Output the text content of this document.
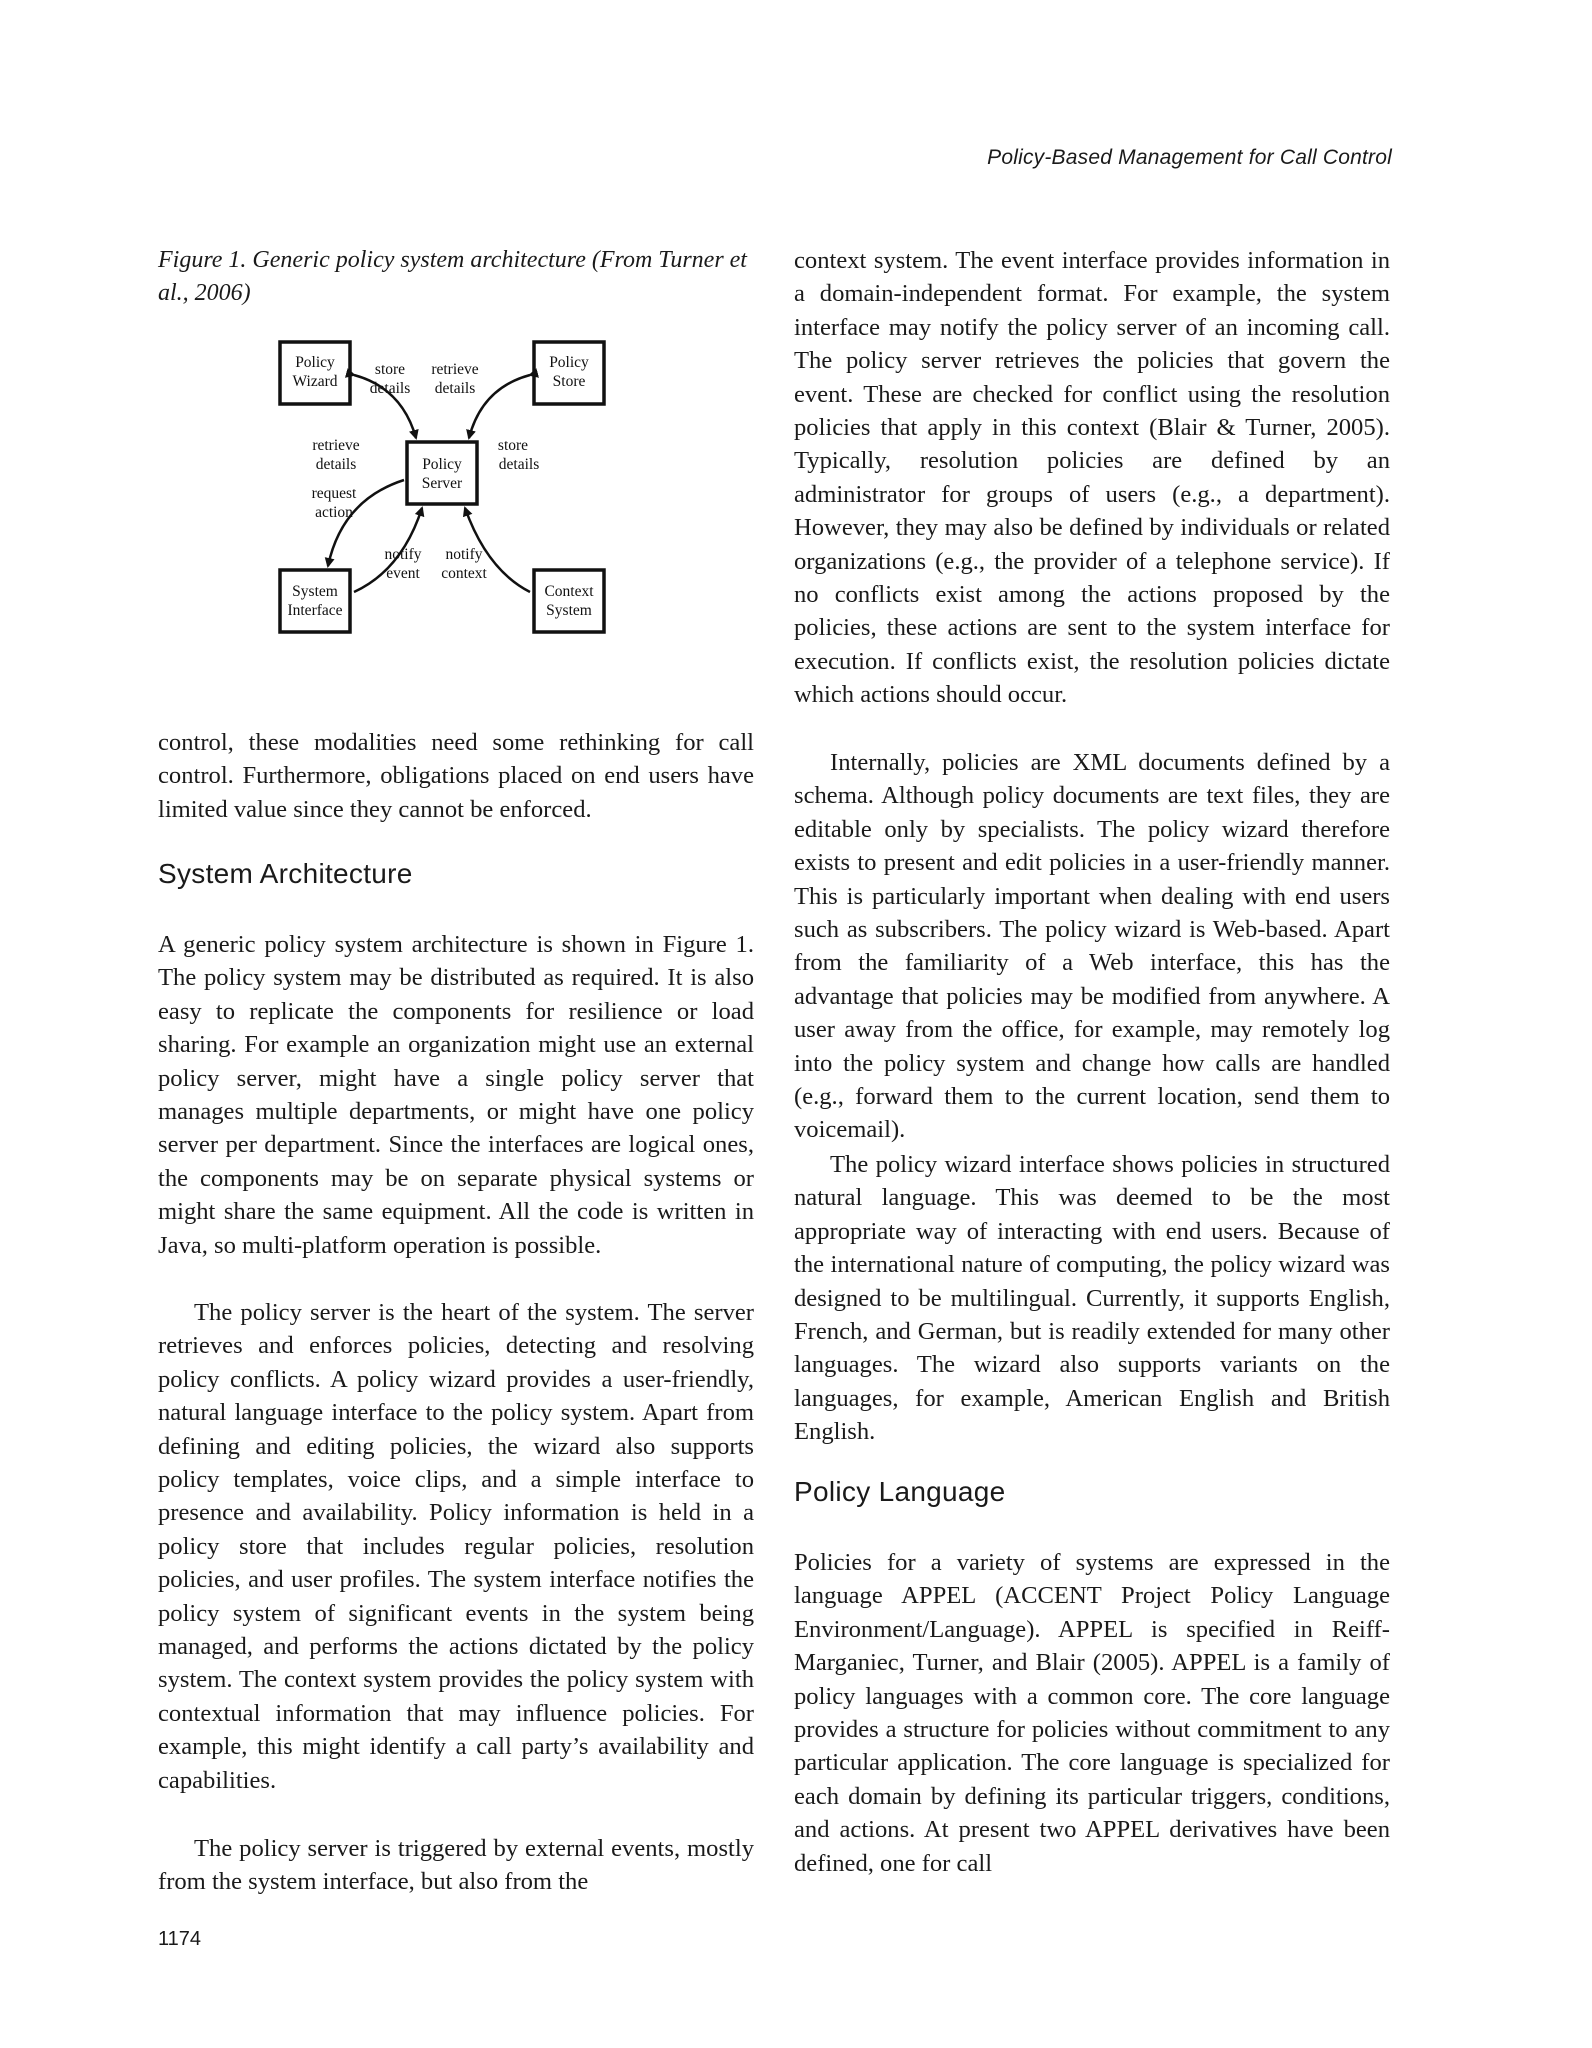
Policy-Based Management for Call Control
Figure 1. Generic policy system architecture (From Turner et al., 2006)
Policy
Wizard
Policy
Store
Policy
Server
System
Interface
Context
System
store
details
retrieve
details
retrieve
details
request
action
store
details
notify
event
notify
context

control, these modalities need some rethinking for call control. Furthermore, obligations placed on end users have limited value since they cannot be enforced.

System Architecture

A generic policy system architecture is shown in Figure 1. The policy system may be distributed as required. It is also easy to replicate the components for resilience or load sharing. For example an organization might use an external policy server, might have a single policy server that manages multiple departments, or might have one policy server per department. Since the interfaces are logical ones, the components may be on separate physical systems or might share the same equipment. All the code is written in Java, so multi-platform operation is possible.

The policy server is the heart of the system. The server retrieves and enforces policies, detecting and resolving policy conflicts. A policy wizard provides a user-friendly, natural language interface to the policy system. Apart from defining and editing policies, the wizard also supports policy templates, voice clips, and a simple interface to presence and availability. Policy information is held in a policy store that includes regular policies, resolution policies, and user profiles. The system interface notifies the policy system of significant events in the system being managed, and performs the actions dictated by the policy system. The context system provides the policy system with contextual information that may influence policies. For example, this might identify a call party’s availability and capabilities.

The policy server is triggered by external events, mostly from the system interface, but also from the

context system. The event interface provides information in a domain-independent format. For example, the system interface may notify the policy server of an incoming call. The policy server retrieves the policies that govern the event. These are checked for conflict using the resolution policies that apply in this context (Blair & Turner, 2005). Typically, resolution policies are defined by an administrator for groups of users (e.g., a department). However, they may also be defined by individuals or related organizations (e.g., the provider of a telephone service). If no conflicts exist among the actions proposed by the policies, these actions are sent to the system interface for execution. If conflicts exist, the resolution policies dictate which actions should occur.

Internally, policies are XML documents defined by a schema. Although policy documents are text files, they are editable only by specialists. The policy wizard therefore exists to present and edit policies in a user-friendly manner. This is particularly important when dealing with end users such as subscribers. The policy wizard is Web-based. Apart from the familiarity of a Web interface, this has the advantage that policies may be modified from anywhere. A user away from the office, for example, may remotely log into the policy system and change how calls are handled (e.g., forward them to the current location, send them to voicemail).

The policy wizard interface shows policies in structured natural language. This was deemed to be the most appropriate way of interacting with end users. Because of the international nature of computing, the policy wizard was designed to be multilingual. Currently, it supports English, French, and German, but is readily extended for many other languages. The wizard also supports variants on the languages, for example, American English and British English.

Policy Language

Policies for a variety of systems are expressed in the language APPEL (ACCENT Project Policy Language Environment/Language). APPEL is specified in Reiff-Marganiec, Turner, and Blair (2005). APPEL is a family of policy languages with a common core. The core language provides a structure for policies without commitment to any particular application. The core language is specialized for each domain by defining its particular triggers, conditions, and actions. At present two APPEL derivatives have been defined, one for call

1174
